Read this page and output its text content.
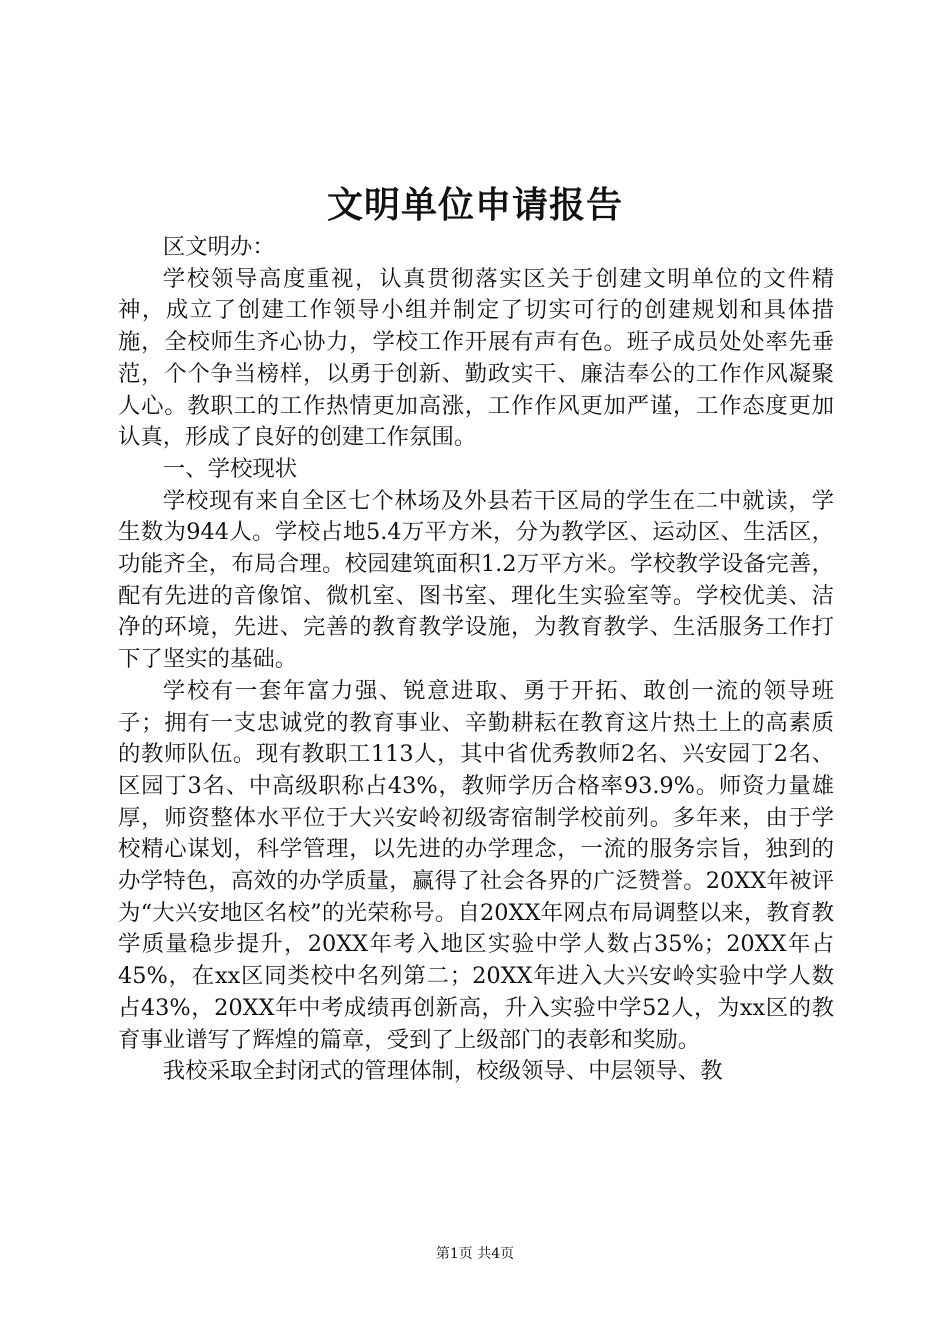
文明单位申请报告

区文明办：

学校领导高度重视，认真贯彻落实区关于创建文明单位的文件精神，成立了创建工作领导小组并制定了切实可行的创建规划和具体措施，全校师生齐心协力，学校工作开展有声有色。班子成员处处率先垂范，个个争当榜样，以勇于创新、勤政实干、廉洁奉公的工作作风凝聚人心。教职工的工作热情更加高涨，工作作风更加严谨，工作态度更加认真，形成了良好的创建工作氛围。

一、学校现状

学校现有来自全区七个林场及外县若干区局的学生在二中就读，学生数为944人。学校占地5.4万平方米，分为教学区、运动区、生活区，功能齐全，布局合理。校园建筑面积1.2万平方米。学校教学设备完善，配有先进的音像馆、微机室、图书室、理化生实验室等。学校优美、洁净的环境，先进、完善的教育教学设施，为教育教学、生活服务工作打下了坚实的基础。

学校有一套年富力强、锐意进取、勇于开拓、敢创一流的领导班子；拥有一支忠诚党的教育事业、辛勤耕耘在教育这片热土上的高素质的教师队伍。现有教职工113人，其中省优秀教师2名、兴安园丁2名、区园丁3名、中高级职称占43%，教师学历合格率93.9%。师资力量雄厚，师资整体水平位于大兴安岭初级寄宿制学校前列。多年来，由于学校精心谋划，科学管理，以先进的办学理念，一流的服务宗旨，独到的办学特色，高效的办学质量，赢得了社会各界的广泛赞誉。20XX年被评为“大兴安地区名校”的光荣称号。自20XX年网点布局调整以来，教育教学质量稳步提升，20XX年考入地区实验中学人数占35%；20XX年占45%，在xx区同类校中名列第二；20XX年进入大兴安岭实验中学人数占43%，20XX年中考成绩再创新高，升入实验中学52人，为xx区的教育事业谱写了辉煌的篇章，受到了上级部门的表彰和奖励。

我校采取全封闭式的管理体制，校级领导、中层领导、教

第1页 共4页
